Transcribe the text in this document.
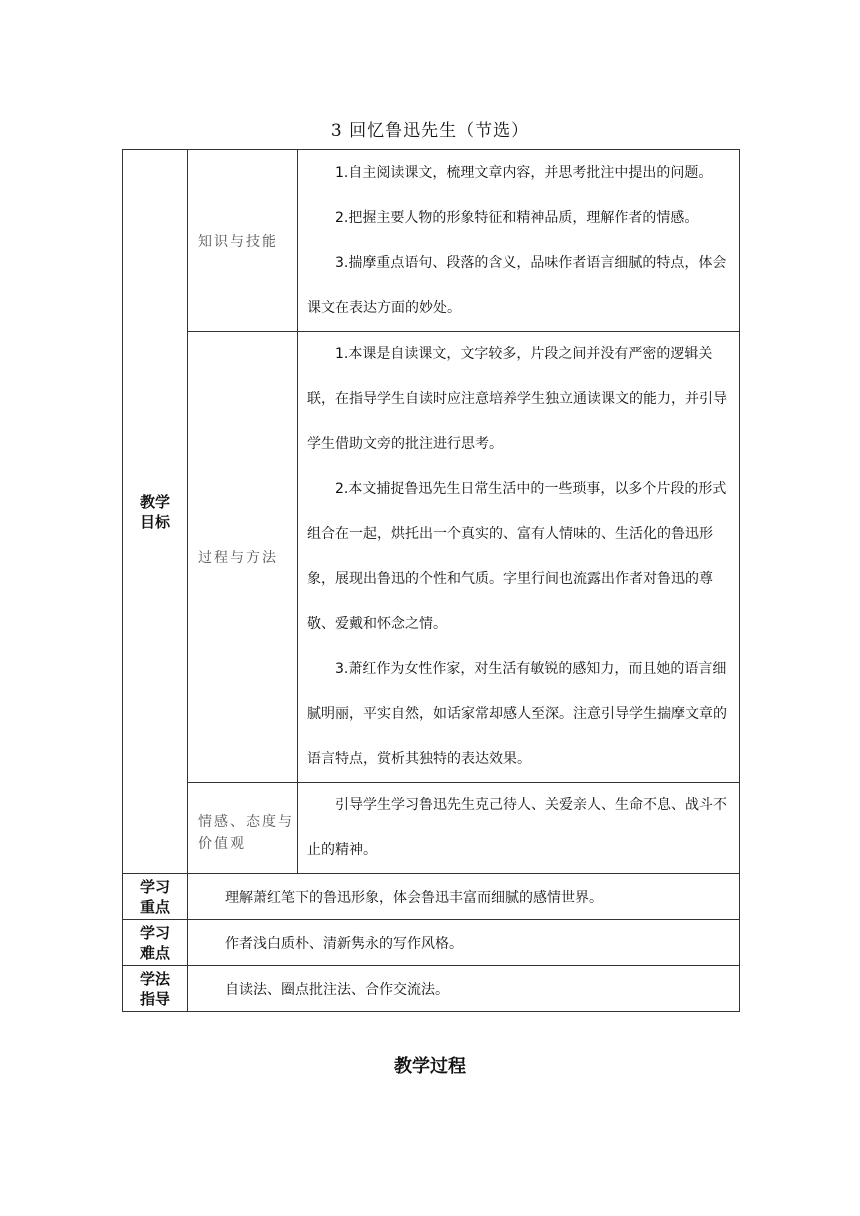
3 回忆鲁迅先生（节选）
教学目标	知识与技能	1.自主阅读课文，梳理文章内容，并思考批注中提出的问题。

2.把握主要人物的形象特征和精神品质，理解作者的情感。

3.揣摩重点语句、段落的含义，品味作者语言细腻的特点，体会课文在表达方面的妙处。

	过程与方法	1.本课是自读课文，文字较多，片段之间并没有严密的逻辑关联，在指导学生自读时应注意培养学生独立通读课文的能力，并引导学生借助文旁的批注进行思考。

2.本文捕捉鲁迅先生日常生活中的一些琐事，以多个片段的形式组合在一起，烘托出一个真实的、富有人情味的、生活化的鲁迅形象，展现出鲁迅的个性和气质。字里行间也流露出作者对鲁迅的尊敬、爱戴和怀念之情。

3.萧红作为女性作家，对生活有敏锐的感知力，而且她的语言细腻明丽，平实自然，如话家常却感人至深。注意引导学生揣摩文章的语言特点，赏析其独特的表达效果。

	情感、态度与价值观	引导学生学习鲁迅先生克己待人、关爱亲人、生命不息、战斗不止的精神。

学习重点	理解萧红笔下的鲁迅形象，体会鲁迅丰富而细腻的感情世界。	

学习难点	作者浅白质朴、清新隽永的写作风格。	

学法指导	自读法、圈点批注法、合作交流法。	
教学过程
